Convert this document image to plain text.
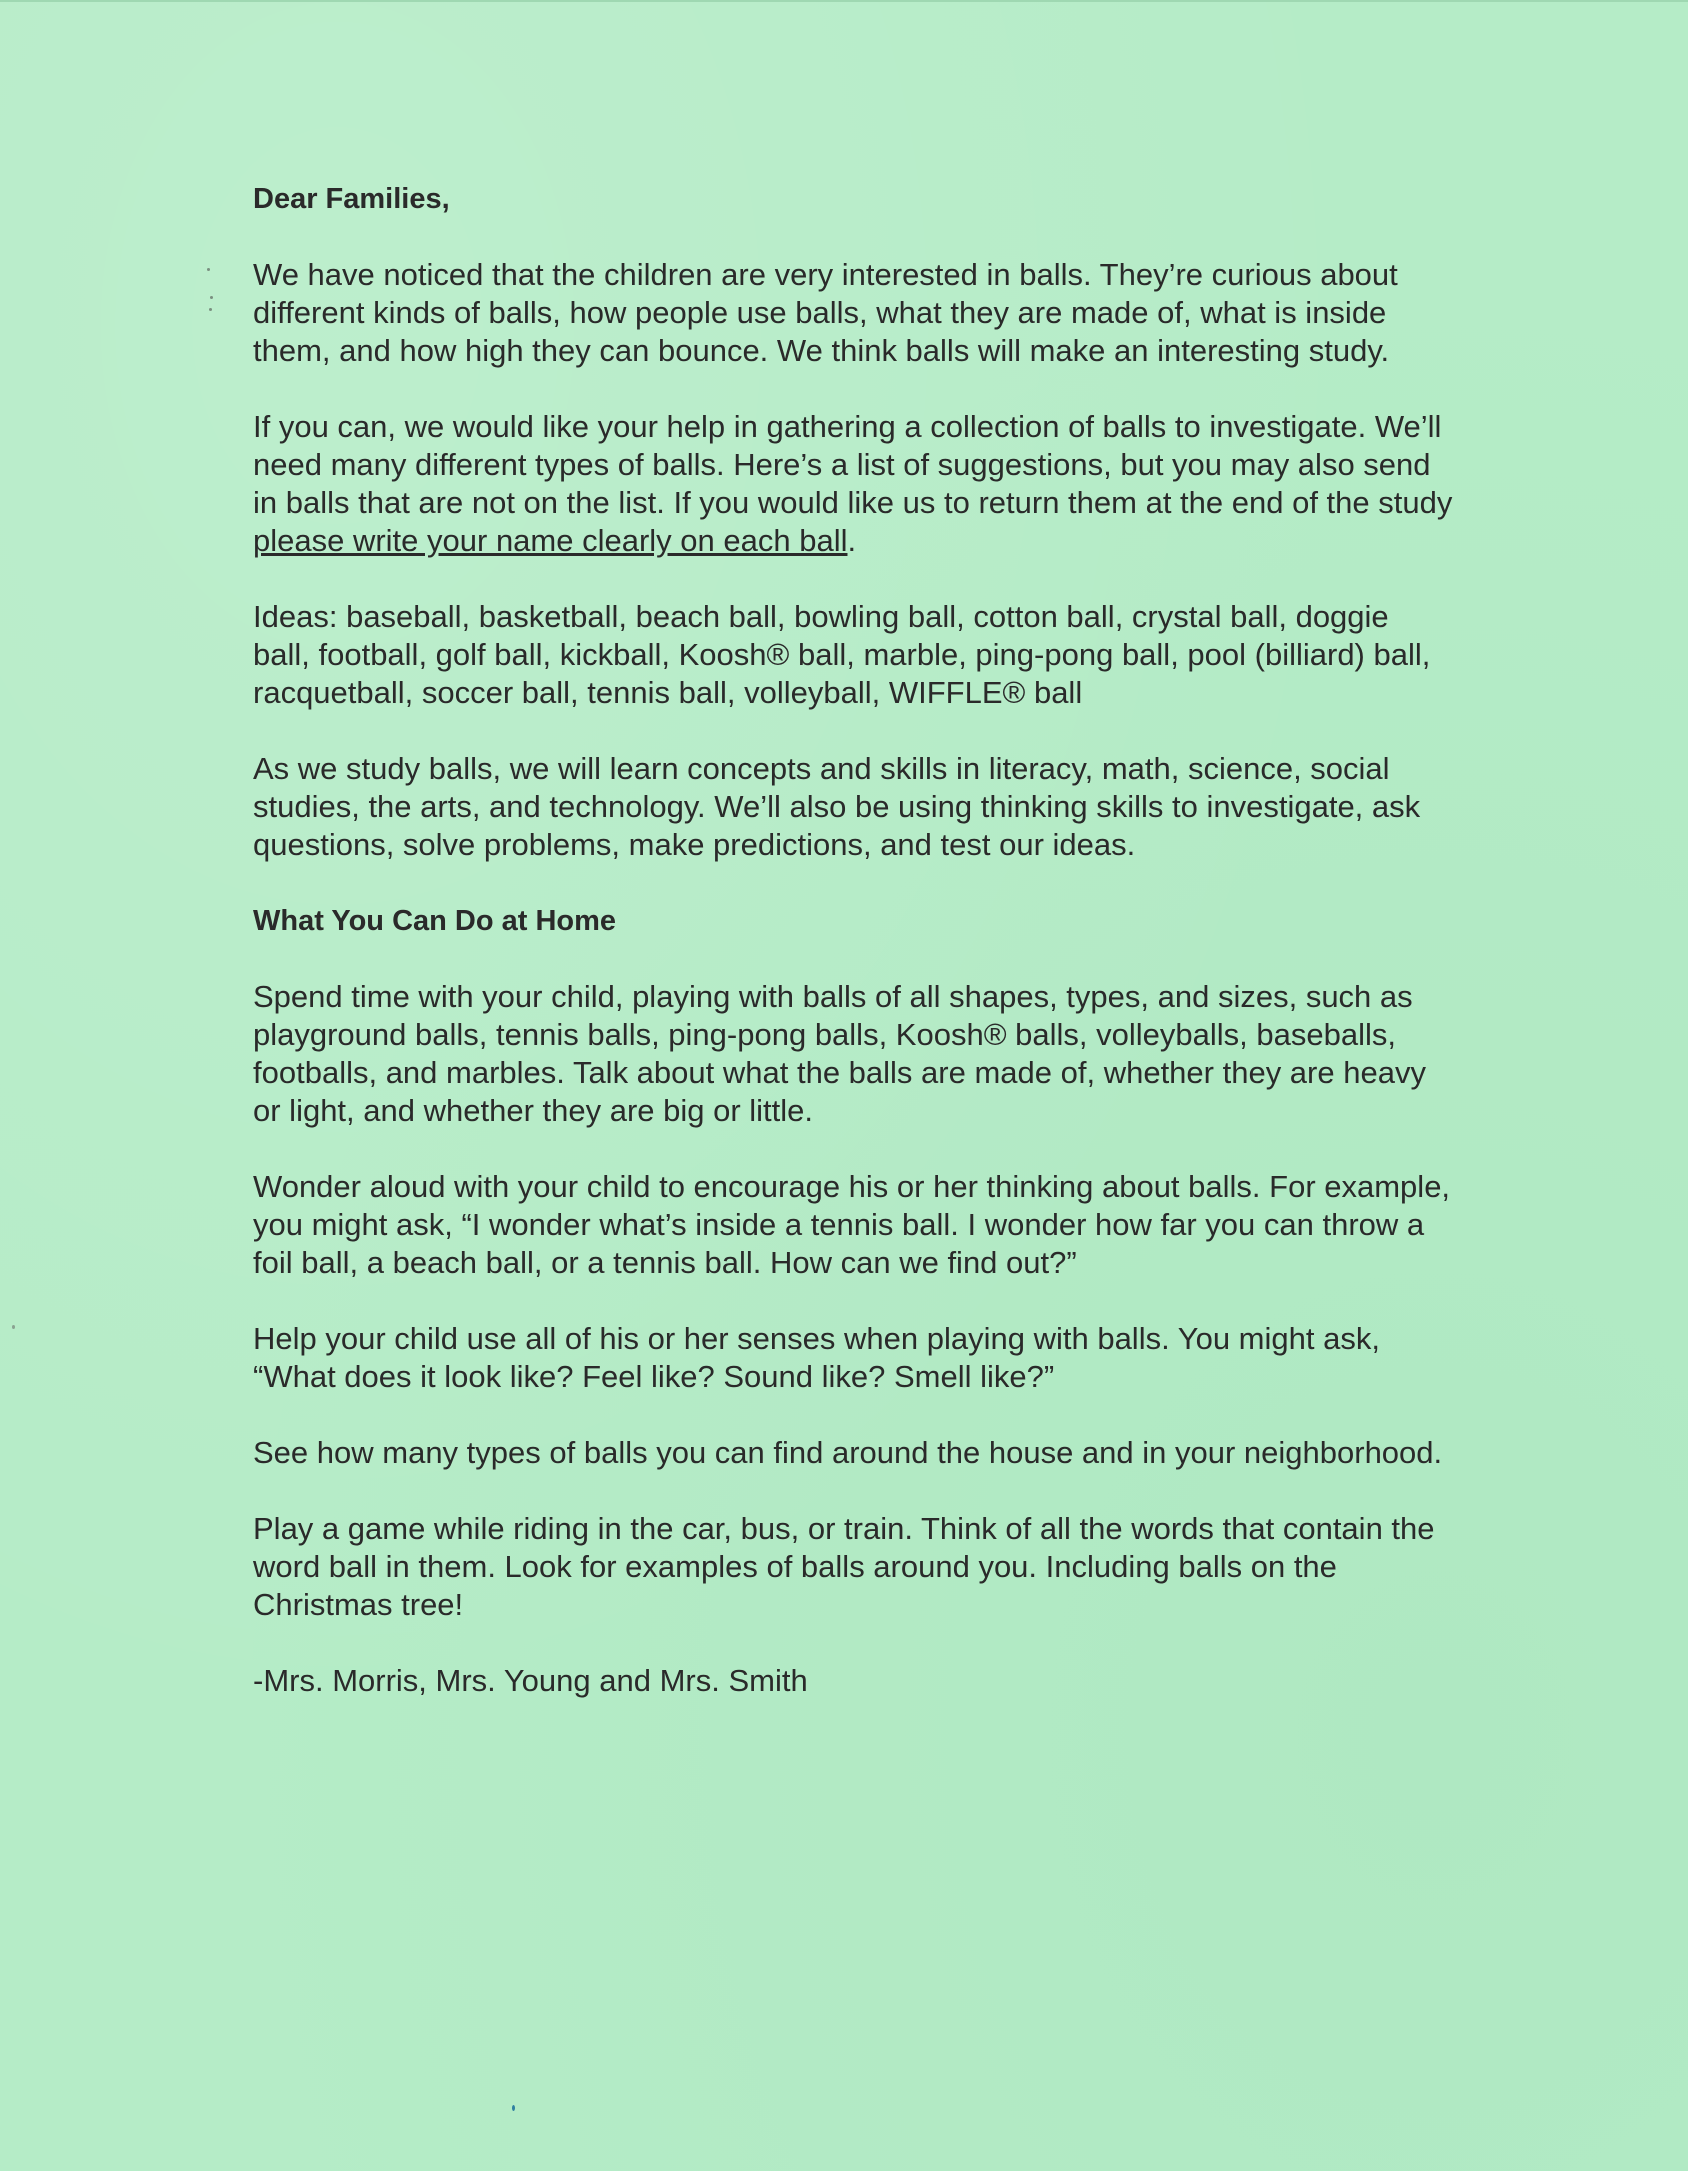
Dear Families,

We have noticed that the children are very interested in balls. They’re curious about different kinds of balls, how people use balls, what they are made of, what is inside them, and how high they can bounce. We think balls will make an interesting study.

If you can, we would like your help in gathering a collection of balls to investigate. We’ll need many different types of balls. Here’s a list of suggestions, but you may also send in balls that are not on the list. If you would like us to return them at the end of the study please write your name clearly on each ball.

Ideas: baseball, basketball, beach ball, bowling ball, cotton ball, crystal ball, doggie ball, football, golf ball, kickball, Koosh® ball, marble, ping-pong ball, pool (billiard) ball, racquetball, soccer ball, tennis ball, volleyball, WIFFLE® ball

As we study balls, we will learn concepts and skills in literacy, math, science, social studies, the arts, and technology. We’ll also be using thinking skills to investigate, ask questions, solve problems, make predictions, and test our ideas.

What You Can Do at Home

Spend time with your child, playing with balls of all shapes, types, and sizes, such as playground balls, tennis balls, ping-pong balls, Koosh® balls, volleyballs, baseballs, footballs, and marbles. Talk about what the balls are made of, whether they are heavy or light, and whether they are big or little.

Wonder aloud with your child to encourage his or her thinking about balls. For example, you might ask, “I wonder what’s inside a tennis ball. I wonder how far you can throw a foil ball, a beach ball, or a tennis ball. How can we find out?”

Help your child use all of his or her senses when playing with balls. You might ask, “What does it look like? Feel like? Sound like? Smell like?”

See how many types of balls you can find around the house and in your neighborhood.

Play a game while riding in the car, bus, or train. Think of all the words that contain the word ball in them. Look for examples of balls around you. Including balls on the Christmas tree!

-Mrs. Morris, Mrs. Young and Mrs. Smith
